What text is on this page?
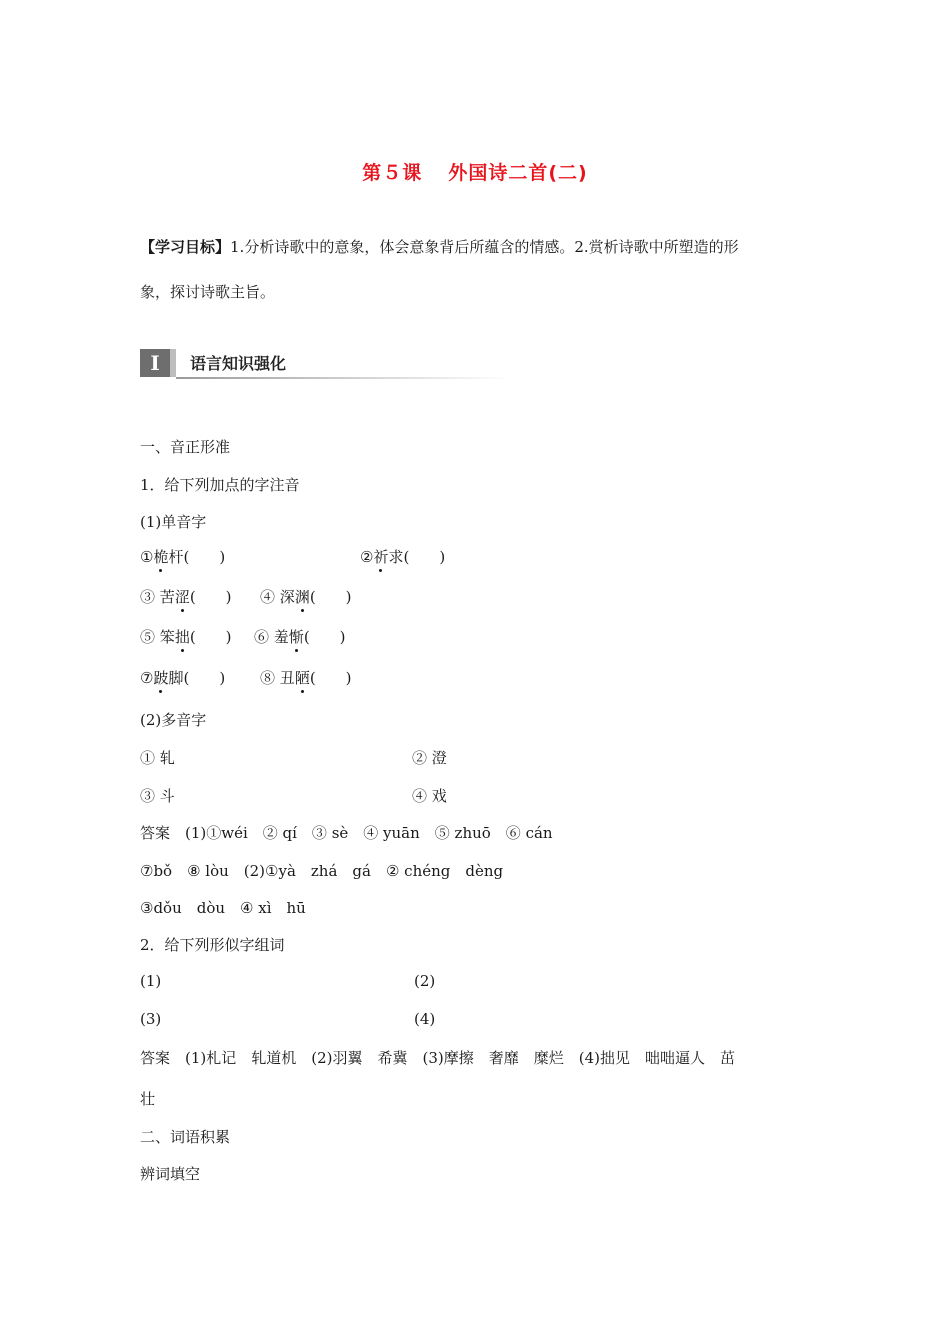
第５课 外国诗二首(二)
【学习目标】1.分析诗歌中的意象，体会意象背后所蕴含的情感。2.赏析诗歌中所塑造的形
象，探讨诗歌主旨。
I	语言知识强化
一、音正形准
1．给下列加点的字注音
(1)单音字
①桅杆(　　)	②祈求(　　)
③ 苦涩(　　) ④ 深渊(　　)
⑤ 笨拙(　　) ⑥ 羞惭(　　)
⑦跛脚(　　) ⑧ 丑陋(　　)
(2)多音字
① 轧	② 澄
③ 斗	④ 戏
答案　(1)①wéi　② qí　③ sè　④ yuān　⑤ zhuō　⑥ cán
⑦bǒ　⑧ lòu　(2)①yà　zhá　gá　② chéng　dèng
③dǒu　dòu　④ xì　hū
2．给下列形似字组词
(1)	(2)
(3)	(4)
答案　(1)札记　轧道机　(2)羽翼　希冀　(3)摩擦　奢靡　糜烂　(4)拙见　咄咄逼人　茁
壮
二、词语积累
辨词填空
